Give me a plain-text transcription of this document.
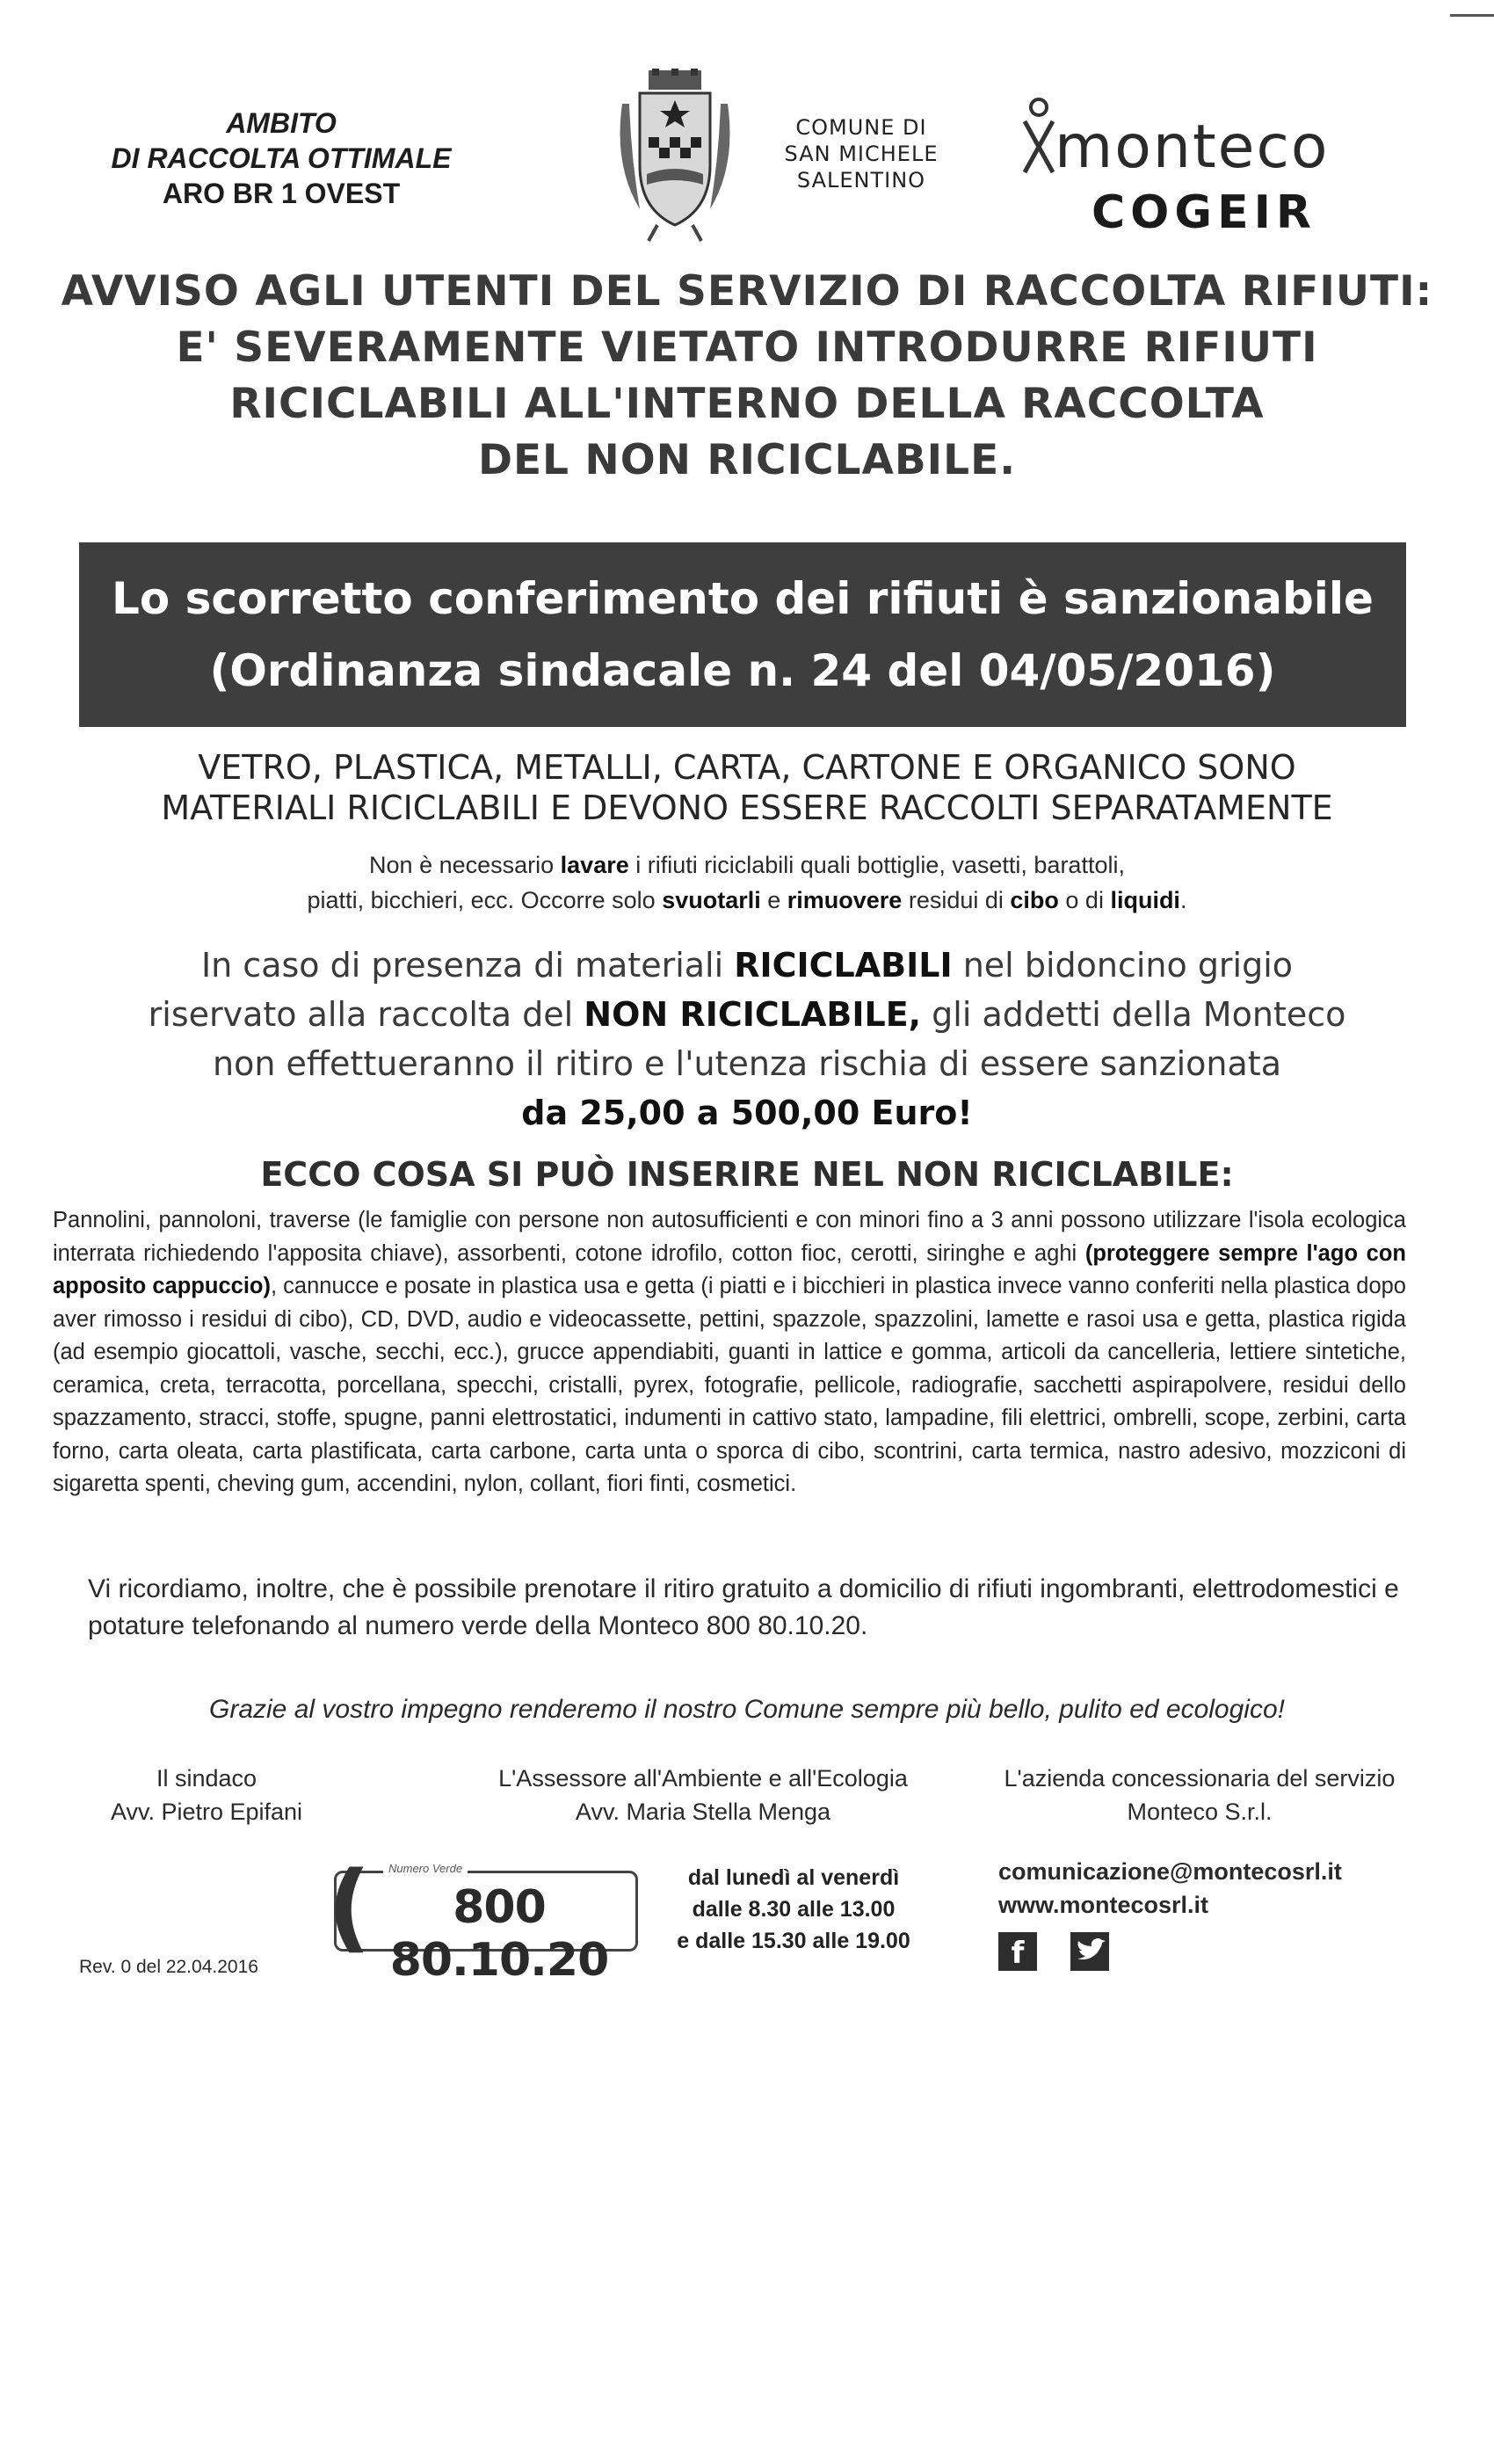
AMBITO
DI RACCOLTA OTTIMALE
ARO BR 1 OVEST
COMUNE DI
SAN MICHELE
SALENTINO	monteco
COGEIR
AVVISO AGLI UTENTI DEL SERVIZIO DI RACCOLTA RIFIUTI:
E' SEVERAMENTE VIETATO INTRODURRE RIFIUTI
RICICLABILI ALL'INTERNO DELLA RACCOLTA
DEL NON RICICLABILE.
Lo scorretto conferimento dei rifiuti è sanzionabile
(Ordinanza sindacale n. 24 del 04/05/2016)
VETRO, PLASTICA, METALLI, CARTA, CARTONE E ORGANICO SONO
MATERIALI RICICLABILI E DEVONO ESSERE RACCOLTI SEPARATAMENTE
Non è necessario lavare i rifiuti riciclabili quali bottiglie, vasetti, barattoli,
piatti, bicchieri, ecc. Occorre solo svuotarli e rimuovere residui di cibo o di liquidi.
In caso di presenza di materiali RICICLABILI nel bidoncino grigio
riservato alla raccolta del NON RICICLABILE, gli addetti della Monteco
non effettueranno il ritiro e l'utenza rischia di essere sanzionata
da 25,00 a 500,00 Euro!
ECCO COSA SI PUÒ INSERIRE NEL NON RICICLABILE:
Pannolini, pannoloni, traverse (le famiglie con persone non autosufficienti e con minori fino a 3 anni possono utilizzare l'isola ecologica interrata richiedendo l'apposita chiave), assorbenti, cotone idrofilo, cotton fioc, cerotti, siringhe e aghi (proteggere sempre l'ago con apposito cappuccio), cannucce e posate in plastica usa e getta (i piatti e i bicchieri in plastica invece vanno conferiti nella plastica dopo aver rimosso i residui di cibo), CD, DVD, audio e videocassette, pettini, spazzole, spazzolini, lamette e rasoi usa e getta, plastica rigida (ad esempio giocattoli, vasche, secchi, ecc.), grucce appendiabiti, guanti in lattice e gomma, articoli da cancelleria, lettiere sintetiche, ceramica, creta, terracotta, porcellana, specchi, cristalli, pyrex, fotografie, pellicole, radiografie, sacchetti aspirapolvere, residui dello spazzamento, stracci, stoffe, spugne, panni elettrostatici, indumenti in cattivo stato, lampadine, fili elettrici, ombrelli, scope, zerbini, carta forno, carta oleata, carta plastificata, carta carbone, carta unta o sporca di cibo, scontrini, carta termica, nastro adesivo, mozziconi di sigaretta spenti, cheving gum, accendini, nylon, collant, fiori finti, cosmetici.
Vi ricordiamo, inoltre, che è possibile prenotare il ritiro gratuito a domicilio di rifiuti ingombranti, elettrodomestici e potature telefonando al numero verde della Monteco 800 80.10.20.
Grazie al vostro impegno renderemo il nostro Comune sempre più bello, pulito ed ecologico!
Il sindaco
Avv. Pietro Epifani
L'Assessore all'Ambiente e all'Ecologia
Avv. Maria Stella Menga
L'azienda concessionaria del servizio
Monteco S.r.l.
(	Numero Verde
800 80.10.20
dal lunedì al venerdì
dalle 8.30 alle 13.00
e dalle 15.30 alle 19.00
comunicazione@montecosrl.it
www.montecosrl.it
f
Rev. 0 del 22.04.2016
